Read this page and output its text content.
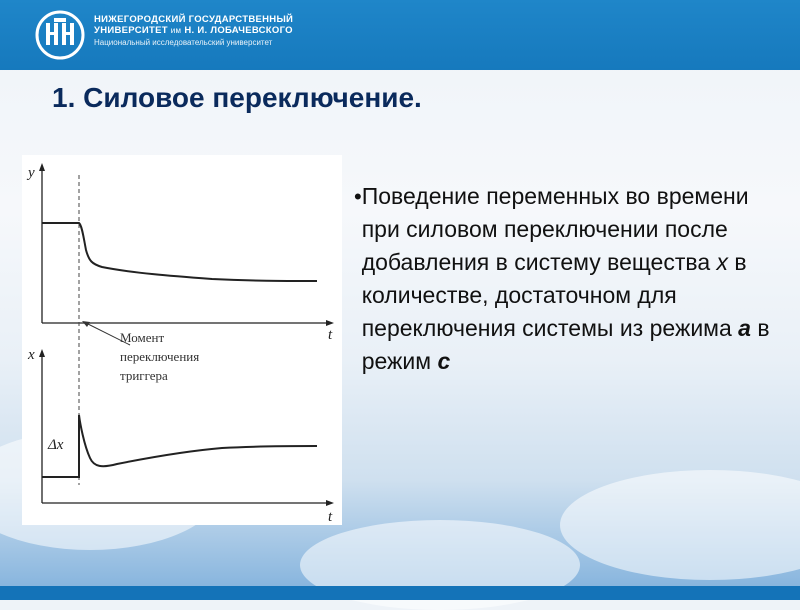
НИЖЕГОРОДСКИЙ ГОСУДАРСТВЕННЫЙ
УНИВЕРСИТЕТ им Н. И. ЛОБАЧЕВСКОГО
Национальный исследовательский университет
1. Силовое переключение.
y
t
Момент
переключения
триггера
x
t
Δx
• Поведение переменных во времени при силовом переключении после добавления в систему вещества x в количестве, достаточном для переключения системы из режима а в режим с
